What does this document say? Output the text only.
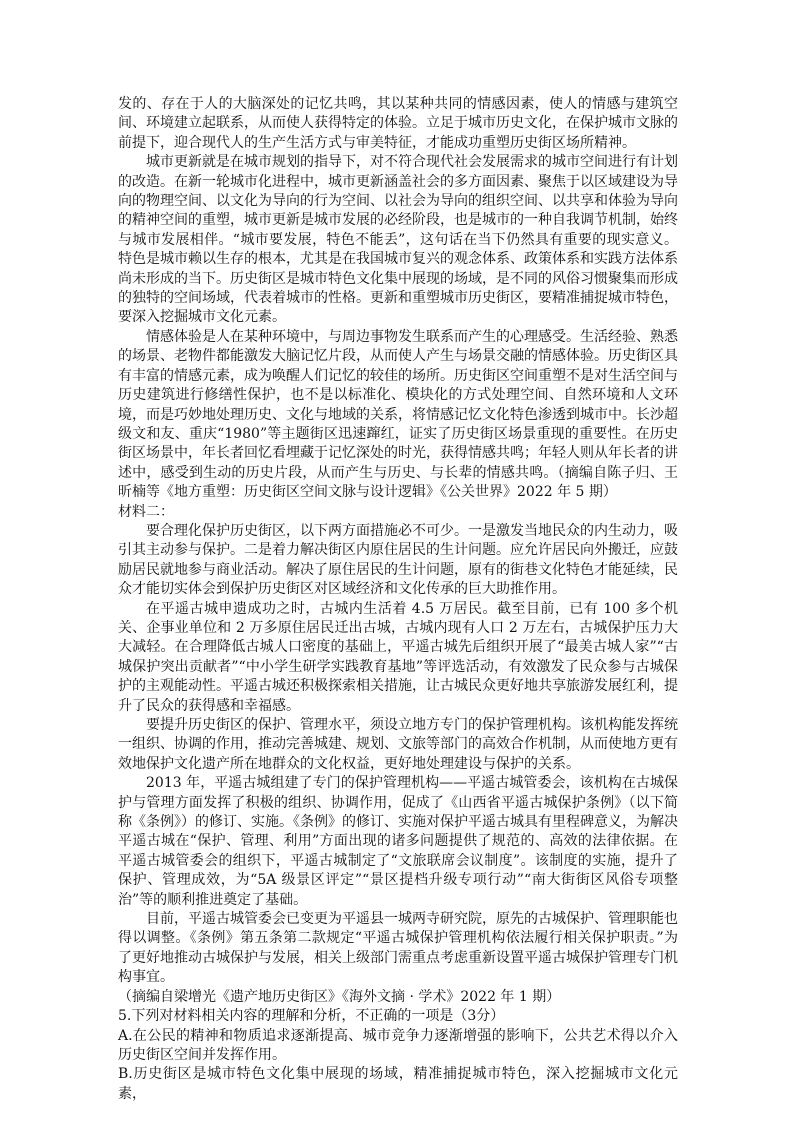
发的、存在于人的大脑深处的记忆共鸣，其以某种共同的情感因素，使人的情感与建筑空间、环境建立起联系，从而使人获得特定的体验。立足于城市历史文化，在保护城市文脉的前提下，迎合现代人的生产生活方式与审美特征，才能成功重塑历史街区场所精神。

城市更新就是在城市规划的指导下，对不符合现代社会发展需求的城市空间进行有计划的改造。在新一轮城市化进程中，城市更新涵盖社会的多方面因素、聚焦于以区域建设为导向的物理空间、以文化为导向的行为空间、以社会为导向的组织空间、以共享和体验为导向的精神空间的重塑，城市更新是城市发展的必经阶段，也是城市的一种自我调节机制，始终与城市发展相伴。“城市要发展，特色不能丢”，这句话在当下仍然具有重要的现实意义。特色是城市赖以生存的根本，尤其是在我国城市复兴的观念体系、政策体系和实践方法体系尚未形成的当下。历史街区是城市特色文化集中展现的场域，是不同的风俗习惯聚集而形成的独特的空间场域，代表着城市的性格。更新和重塑城市历史街区，要精准捕捉城市特色，要深入挖掘城市文化元素。

情感体验是人在某种环境中，与周边事物发生联系而产生的心理感受。生活经验、熟悉的场景、老物件都能激发大脑记忆片段，从而使人产生与场景交融的情感体验。历史街区具有丰富的情感元素，成为唤醒人们记忆的较佳的场所。历史街区空间重塑不是对生活空间与历史建筑进行修缮性保护，也不是以标准化、模块化的方式处理空间、自然环境和人文环境，而是巧妙地处理历史、文化与地域的关系，将情感记忆文化特色渗透到城市中。长沙超级文和友、重庆“1980”等主题街区迅速蹿红，证实了历史街区场景重现的重要性。在历史街区场景中，年长者回忆看埋藏于记忆深处的时光，获得情感共鸣；年轻人则从年长者的讲述中，感受到生动的历史片段，从而产生与历史、与长辈的情感共鸣。（摘编自陈子归、王昕楠等《地方重塑：历史街区空间文脉与设计逻辑》《公关世界》2022 年 5 期）

材料二：

要合理化保护历史街区，以下两方面措施必不可少。一是激发当地民众的内生动力，吸引其主动参与保护。二是着力解决街区内原住居民的生计问题。应允许居民向外搬迁，应鼓励居民就地参与商业活动。解决了原住居民的生计问题，原有的街巷文化特色才能延续，民众才能切实体会到保护历史街区对区域经济和文化传承的巨大助推作用。

在平遥古城申遗成功之时，古城内生活着 4.5 万居民。截至目前，已有 100 多个机关、企事业单位和 2 万多原住居民迁出古城，古城内现有人口 2 万左右，古城保护压力大大减轻。在合理降低古城人口密度的基础上，平遥古城先后组织开展了“最美古城人家”“古城保护突出贡献者”“中小学生研学实践教育基地”等评选活动，有效激发了民众参与古城保护的主观能动性。平遥古城还积极探索相关措施，让古城民众更好地共享旅游发展红利，提升了民众的获得感和幸福感。

要提升历史街区的保护、管理水平，须设立地方专门的保护管理机构。该机构能发挥统一组织、协调的作用，推动完善城建、规划、文旅等部门的高效合作机制，从而使地方更有效地保护文化遗产所在地群众的文化权益，更好地处理建设与保护的关系。

2013 年，平遥古城组建了专门的保护管理机构——平遥古城管委会，该机构在古城保护与管理方面发挥了积极的组织、协调作用，促成了《山西省平遥古城保护条例》（以下简称《条例》）的修订、实施。《条例》的修订、实施对保护平遥古城具有里程碑意义，为解决平遥古城在“保护、管理、利用”方面出现的诸多问题提供了规范的、高效的法律依据。在平遥古城管委会的组织下，平遥古城制定了“文旅联席会议制度”。该制度的实施，提升了保护、管理成效，为“5A 级景区评定”“景区提档升级专项行动”“南大街街区风俗专项整治”等的顺利推进奠定了基础。

目前，平遥古城管委会已变更为平遥县一城两寺研究院，原先的古城保护、管理职能也得以调整。《条例》第五条第二款规定“平遥古城保护管理机构依法履行相关保护职责。”为了更好地推动古城保护与发展，相关上级部门需重点考虑重新设置平遥古城保护管理专门机构事宜。

（摘编自梁增光《遗产地历史街区》《海外文摘 · 学术》2022 年 1 期）

5.下列对材料相关内容的理解和分析，不正确的一项是（3分）

A.在公民的精神和物质追求逐渐提高、城市竞争力逐渐增强的影响下，公共艺术得以介入历史街区空间并发挥作用。

B.历史街区是城市特色文化集中展现的场域，精准捕捉城市特色，深入挖掘城市文化元素，
